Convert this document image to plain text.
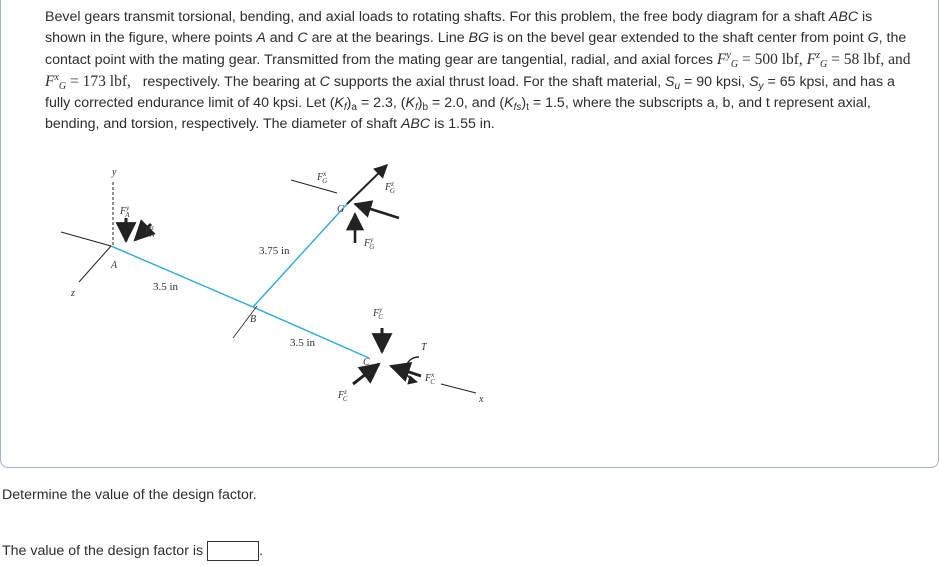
Bevel gears transmit torsional, bending, and axial loads to rotating shafts. For this problem, the free body diagram for a shaft ABC is shown in the figure, where points A and C are at the bearings. Line BG is on the bevel gear extended to the shaft center from point G, the contact point with the mating gear. Transmitted from the mating gear are tangential, radial, and axial forces $F^y_G = 500$ lbf, $F^z_G = 58$ lbf, and $F^x_G = 173$ lbf, respectively. The bearing at C supports the axial thrust load. For the shaft material, $S_u = 90$ kpsi, $S_y = 65$ kpsi, and has a fully corrected endurance limit of 40 kpsi. Let $(K_f)_a = 2.3$, $(K_f)_b = 2.0$, and $(K_{fs})_t = 1.5$, where the subscripts a, b, and t represent axial, bending, and torsion, respectively. The diameter of shaft ABC is 1.55 in.

y
z
x
$F^y$ A
$F^z$ A
A
3.5 in
3.75 in
3.5 in
B
$F^x$ G
$F^z$ G
$F^y$ G
G
$F^y$ C
$F^z$ C
$F^x$ C
T
C

Determine the value of the design factor.

The value of the design factor is	.
